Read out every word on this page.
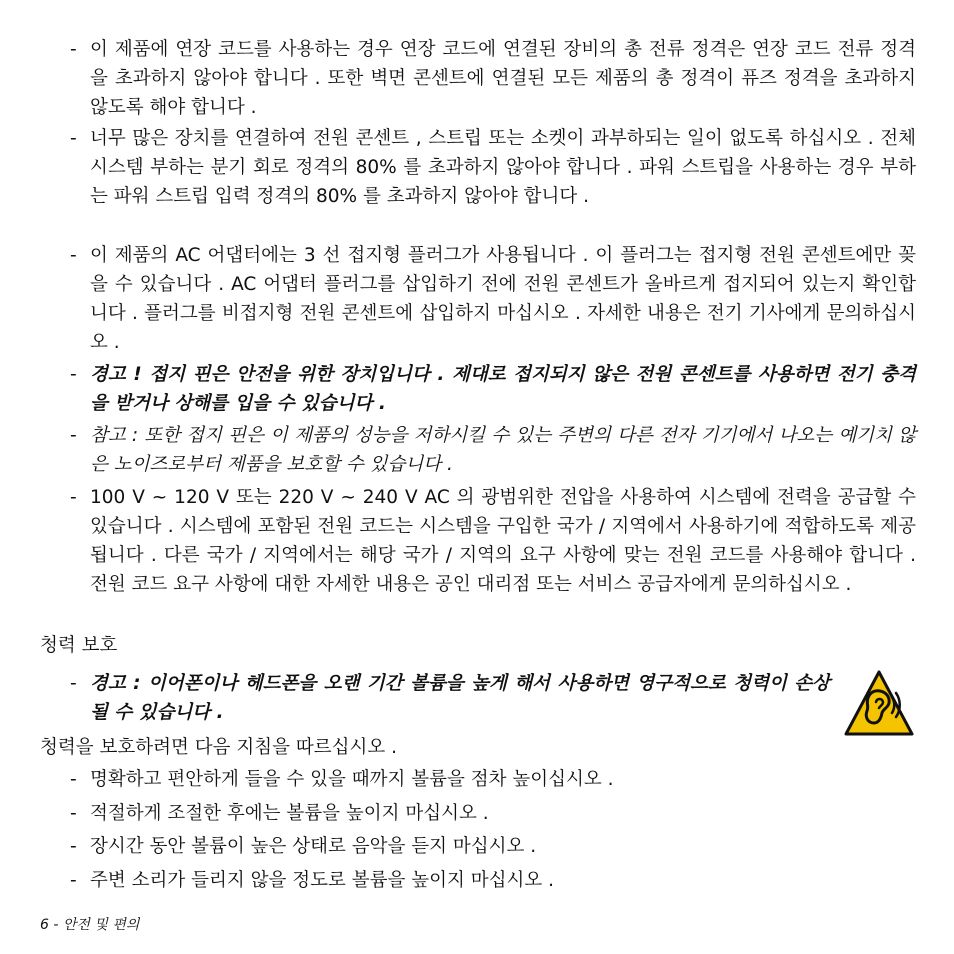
- 이 제품에 연장 코드를 사용하는 경우 연장 코드에 연결된 장비의 총 전류 정격은 연장 코드 전류 정격을 초과하지 않아야 합니다 . 또한 벽면 콘센트에 연결된 모든 제품의 총 정격이 퓨즈 정격을 초과하지 않도록 해야 합니다 .
- 너무 많은 장치를 연결하여 전원 콘센트 , 스트립 또는 소켓이 과부하되는 일이 없도록 하십시오 . 전체 시스템 부하는 분기 회로 정격의 80% 를 초과하지 않아야 합니다 . 파워 스트립을 사용하는 경우 부하는 파워 스트립 입력 정격의 80% 를 초과하지 않아야 합니다 .
- 이 제품의 AC 어댑터에는 3 선 접지형 플러그가 사용됩니다 . 이 플러그는 접지형 전원 콘센트에만 꽂을 수 있습니다 . AC 어댑터 플러그를 삽입하기 전에 전원 콘센트가 올바르게 접지되어 있는지 확인합니다 . 플러그를 비접지형 전원 콘센트에 삽입하지 마십시오 . 자세한 내용은 전기 기사에게 문의하십시오 .
- 경고 ! 접지 핀은 안전을 위한 장치입니다 . 제대로 접지되지 않은 전원 콘센트를 사용하면 전기 충격을 받거나 상해를 입을 수 있습니다 .
- 참고 : 또한 접지 핀은 이 제품의 성능을 저하시킬 수 있는 주변의 다른 전자 기기에서 나오는 예기치 않은 노이즈로부터 제품을 보호할 수 있습니다 .
- 100 V ~ 120 V 또는 220 V ~ 240 V AC 의 광범위한 전압을 사용하여 시스템에 전력을 공급할 수 있습니다 . 시스템에 포함된 전원 코드는 시스템을 구입한 국가 / 지역에서 사용하기에 적합하도록 제공됩니다 . 다른 국가 / 지역에서는 해당 국가 / 지역의 요구 사항에 맞는 전원 코드를 사용해야 합니다 . 전원 코드 요구 사항에 대한 자세한 내용은 공인 대리점 또는 서비스 공급자에게 문의하십시오 .
청력 보호
- 경고 : 이어폰이나 헤드폰을 오랜 기간 볼륨을 높게 해서 사용하면 영구적으로 청력이 손상될 수 있습니다 .
청력을 보호하려면 다음 지침을 따르십시오 .
- 명확하고 편안하게 들을 수 있을 때까지 볼륨을 점차 높이십시오 .
- 적절하게 조절한 후에는 볼륨을 높이지 마십시오 .
- 장시간 동안 볼륨이 높은 상태로 음악을 듣지 마십시오 .
- 주변 소리가 들리지 않을 정도로 볼륨을 높이지 마십시오 .
6 - 안전 및 편의
